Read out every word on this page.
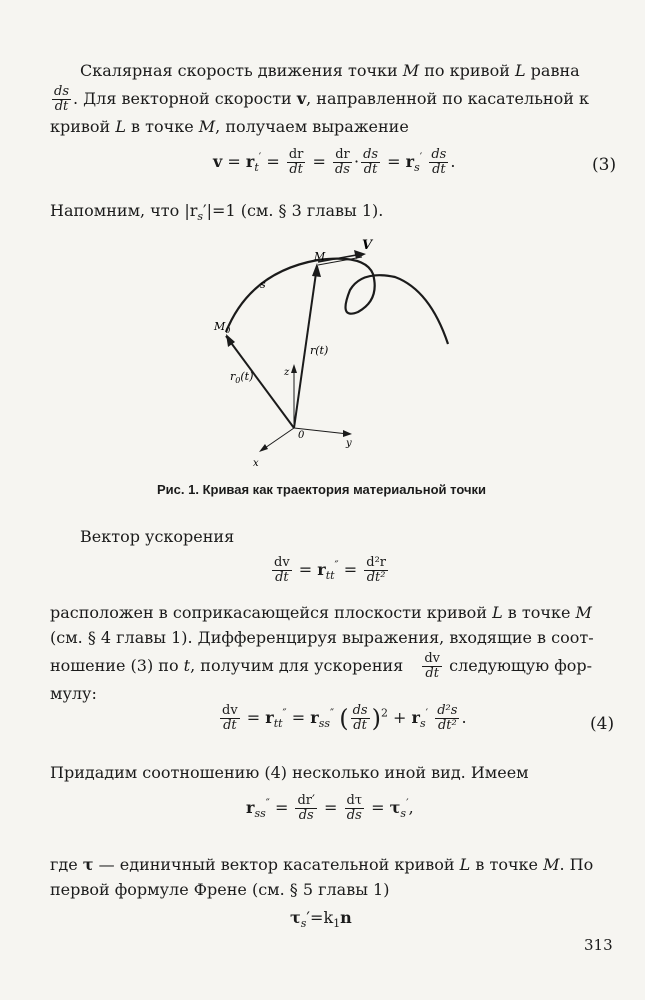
Скалярная скорость движения точки M по кривой L равна
$\frac{ds}{dt}$ . Для векторной скорости v, направленной по касательной к
кривой L в точке M, получаем выражение
$v = r_t' = \frac{dr}{dt} = \frac{dr}{ds} \cdot \frac{ds}{dt} = r_s' \frac{ds}{dt}$ .	(3)
Напомним, что $|r_s'|=1$ (см. § 3 главы 1).
M
V
s
$M_0$
r(t)
$r_0(t)$	z
y
x
0
Рис. 1. Кривая как траектория материальной точки
Вектор ускорения
$\frac{dv}{dt} = r_{tt}'' = \frac{\text{d²r}}{\text{dt²}}$
расположен в соприкасающейся плоскости кривой L в точке M
(см. § 4 главы 1). Дифференцируя выражения, входящие в соот-
ношение (3) по t, получим для ускорения $\frac{dv}{dt}$ следующую фор-
мулу:
$\frac{dv}{dt} = r_{tt}'' = r_{ss}''$ ( $\frac{ds}{dt} )^2 + r_s' \frac{\text{d²s}}{\text{dt²}}$ .	(4)
Придадим соотношению (4) несколько иной вид. Имеем
$r_{ss}'' = \frac{dr'}{ds} = \frac{d\tau}{ds} = \tau_s'$,
где τ — единичный вектор касательной кривой L в точке M. По
первой формуле Френе (см. § 5 главы 1)
$\tau_s'=k_1n$
313
